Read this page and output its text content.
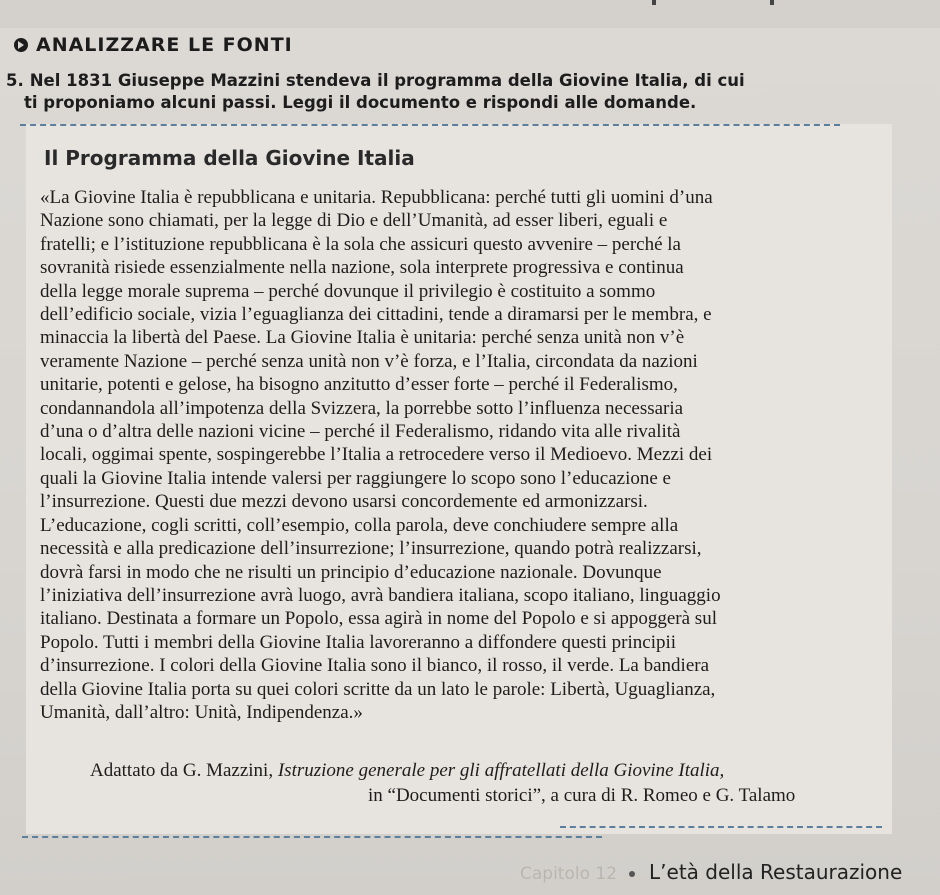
ANALIZZARE LE FONTI
5. Nel 1831 Giuseppe Mazzini stendeva il programma della Giovine Italia, di cui
ti proponiamo alcuni passi. Leggi il documento e rispondi alle domande.
Il Programma della Giovine Italia
«La Giovine Italia è repubblicana e unitaria. Repubblicana: perché tutti gli uomini d’una
Nazione sono chiamati, per la legge di Dio e dell’Umanità, ad esser liberi, eguali e
fratelli; e l’istituzione repubblicana è la sola che assicuri questo avvenire – perché la
sovranità risiede essenzialmente nella nazione, sola interprete progressiva e continua
della legge morale suprema – perché dovunque il privilegio è costituito a sommo
dell’edificio sociale, vizia l’eguaglianza dei cittadini, tende a diramarsi per le membra, e
minaccia la libertà del Paese. La Giovine Italia è unitaria: perché senza unità non v’è
veramente Nazione – perché senza unità non v’è forza, e l’Italia, circondata da nazioni
unitarie, potenti e gelose, ha bisogno anzitutto d’esser forte – perché il Federalismo,
condannandola all’impotenza della Svizzera, la porrebbe sotto l’influenza necessaria
d’una o d’altra delle nazioni vicine – perché il Federalismo, ridando vita alle rivalità
locali, oggimai spente, sospingerebbe l’Italia a retrocedere verso il Medioevo. Mezzi dei
quali la Giovine Italia intende valersi per raggiungere lo scopo sono l’educazione e
l’insurrezione. Questi due mezzi devono usarsi concordemente ed armonizzarsi.
L’educazione, cogli scritti, coll’esempio, colla parola, deve conchiudere sempre alla
necessità e alla predicazione dell’insurrezione; l’insurrezione, quando potrà realizzarsi,
dovrà farsi in modo che ne risulti un principio d’educazione nazionale. Dovunque
l’iniziativa dell’insurrezione avrà luogo, avrà bandiera italiana, scopo italiano, linguaggio
italiano. Destinata a formare un Popolo, essa agirà in nome del Popolo e si appoggerà sul
Popolo. Tutti i membri della Giovine Italia lavoreranno a diffondere questi principii
d’insurrezione. I colori della Giovine Italia sono il bianco, il rosso, il verde. La bandiera
della Giovine Italia porta su quei colori scritte da un lato le parole: Libertà, Uguaglianza,
Umanità, dall’altro: Unità, Indipendenza.»
Adattato da G. Mazzini, Istruzione generale per gli affratellati della Giovine Italia,
in “Documenti storici”, a cura di R. Romeo e G. Talamo
Capitolo 12 L’età della Restaurazione
